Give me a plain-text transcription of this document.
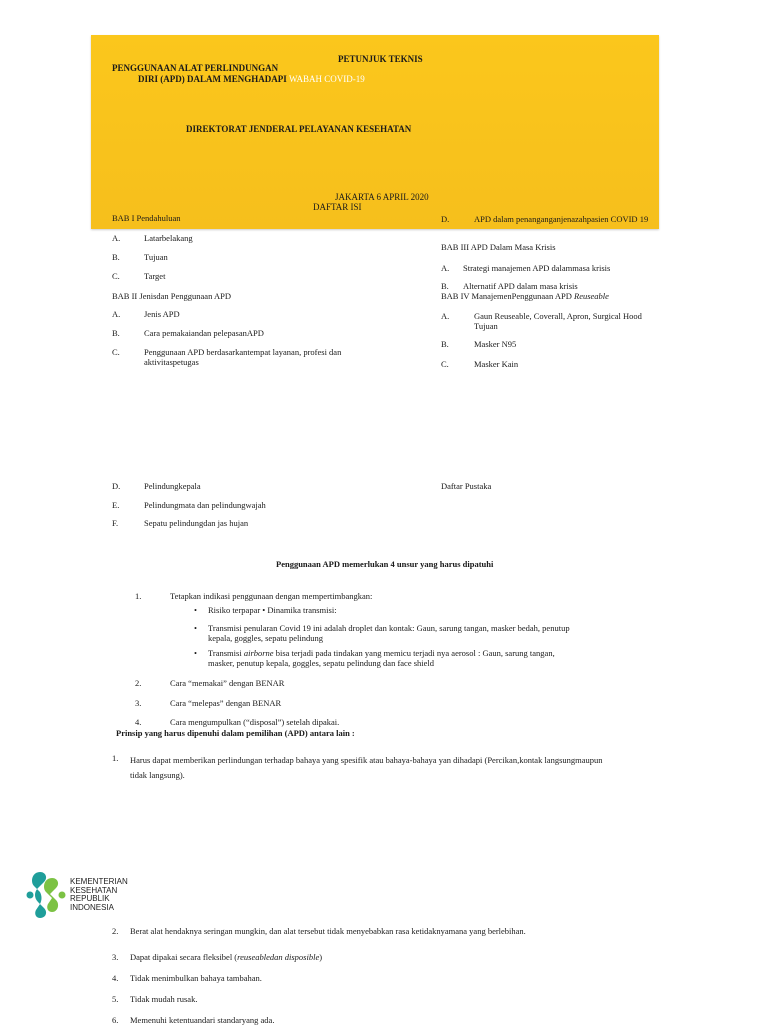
PETUNJUK TEKNIS
PENGGUNAAN ALAT PERLINDUNGAN
DIRI (APD) DALAM MENGHADAPI WABAH COVID-19
DIREKTORAT JENDERAL PELAYANAN KESEHATAN
JAKARTA 6 APRIL 2020
DAFTAR ISI
BAB I Pendahuluan
A.	Latarbelakang
B.	Tujuan
C.	Target
BAB II Jenisdan Penggunaan APD
A.	Jenis APD
B.	Cara pemakaiandan pelepasanAPD
C.	Penggunaan APD berdasarkantempat layanan, profesi dan aktivitaspetugas
D.	Pelindungkepala
E.	Pelindungmata dan pelindungwajah
F.	Sepatu pelindungdan jas hujan
D.	APD dalam penanganganjenazahpasien COVID 19
BAB III APD Dalam Masa Krisis
A. Strategi manajemen APD dalammasa krisis
B. Alternatif APD dalam masa krisis
BAB IV ManajemenPenggunaan APD Reuseable
A.	Gaun Reuseable, Coverall, Apron, Surgical Hood
Tujuan
B.	Masker N95
C.	Masker Kain
Daftar Pustaka
Penggunaan APD memerlukan 4 unsur yang harus dipatuhi
1.	Tetapkan indikasi penggunaan dengan mempertimbangkan:
• Risiko terpapar • Dinamika transmisi:
• Transmisi penularan Covid 19 ini adalah droplet dan kontak: Gaun, sarung tangan, masker bedah, penutup kepala, goggles, sepatu pelindung
• Transmisi airborne bisa terjadi pada tindakan yang memicu terjadi nya aerosol : Gaun, sarung tangan, masker, penutup kepala, goggles, sepatu pelindung dan face shield
2.	Cara “memakai” dengan BENAR
3.	Cara “melepas” dengan BENAR
4.	Cara mengumpulkan (“disposal”) setelah dipakai.
Prinsip yang harus dipenuhi dalam pemilihan (APD) antara lain :
1. Harus dapat memberikan perlindungan terhadap bahaya yang spesifik atau bahaya-bahaya yan dihadapi (Percikan,kontak langsungmaupun tidak langsung).
2. Berat alat hendaknya seringan mungkin, dan alat tersebut tidak menyebabkan rasa ketidaknyamana yang berlebihan.
3. Dapat dipakai secara fleksibel (reuseabledan disposible)
4. Tidak menimbulkan bahaya tambahan.
5. Tidak mudah rusak.
6. Memenuhi ketentuandari standaryang ada.
KEMENTERIAN
KESEHATAN
REPUBLIK
INDONESIA
